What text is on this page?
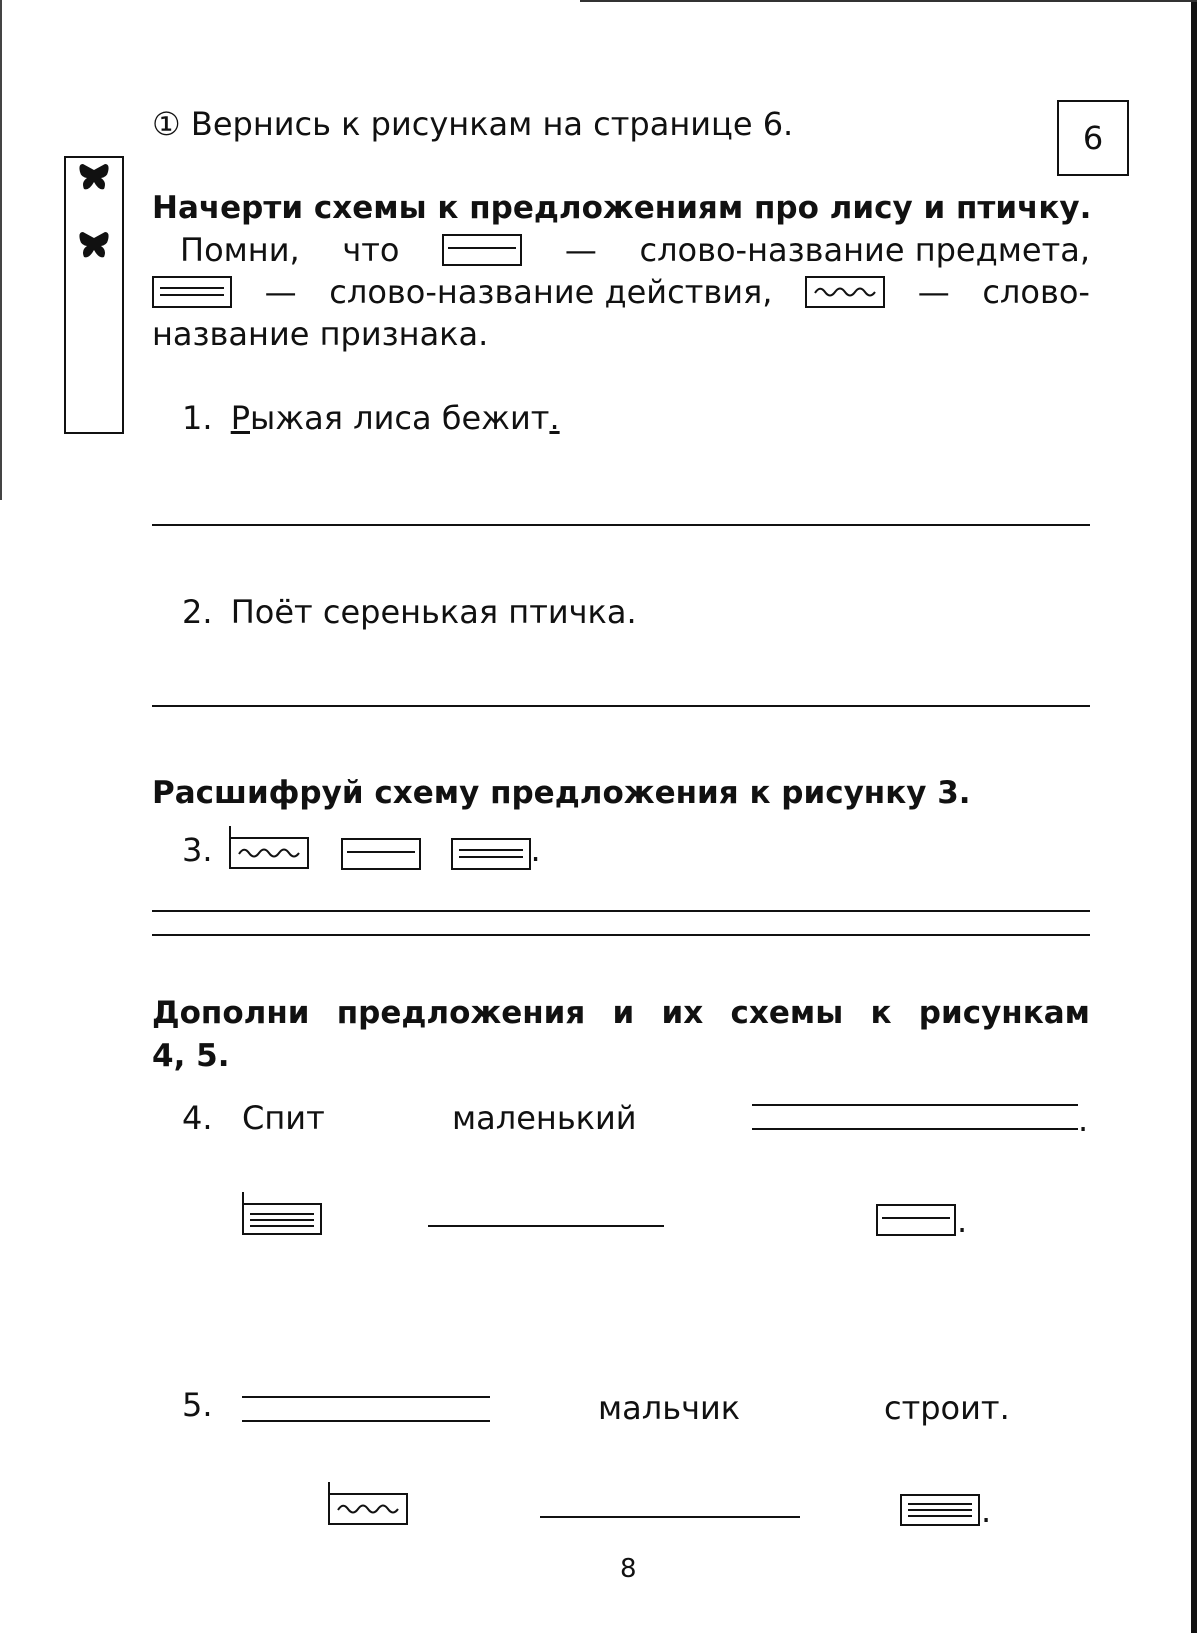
6
① Вернись к рисункам на странице 6.
Начерти схемы к предложениям про лису и птичку.
Помни, что	— слово-название предмета,
— слово-название действия,	— слово-
название признака.
1. Рыжая лиса бежит.
2. Поёт серенькая птичка.
Расшифруй схему предложения к рисунку 3.
3.	.
Дополни предложения и их схемы к рисункам
4, 5.
4. Спит	маленький	.
.
5.	мальчик	строит.
.
8
